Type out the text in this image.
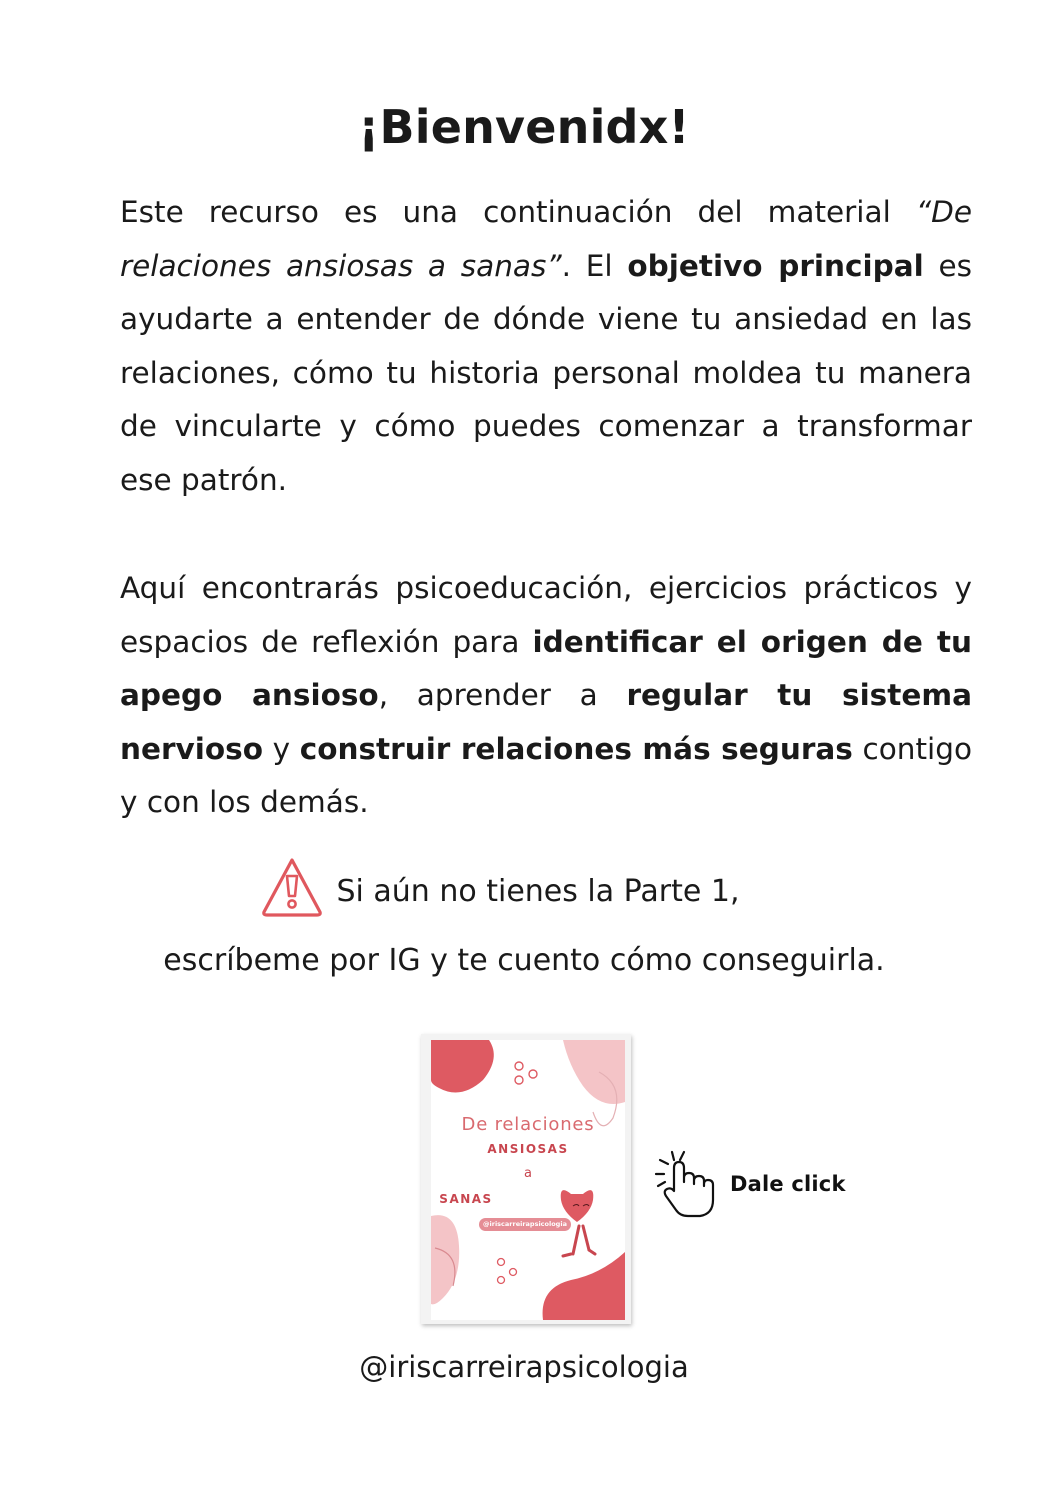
¡Bienvenidx!

Este recurso es una continuación del material “De relaciones ansiosas a sanas”. El objetivo principal es ayudarte a entender de dónde viene tu ansiedad en las relaciones, cómo tu historia personal moldea tu manera de vincularte y cómo puedes comenzar a transformar ese patrón.

Aquí encontrarás psicoeducación, ejercicios prácticos y espacios de reflexión para identificar el origen de tu apego ansioso, aprender a regular tu sistema nervioso y construir relaciones más seguras contigo y con los demás.

Si aún no tienes la Parte 1,
escríbeme por IG y te cuento cómo conseguirla.
De relaciones
ANSIOSAS
a
SANAS
@iriscarreirapsicologia
Dale click
@iriscarreirapsicologia
